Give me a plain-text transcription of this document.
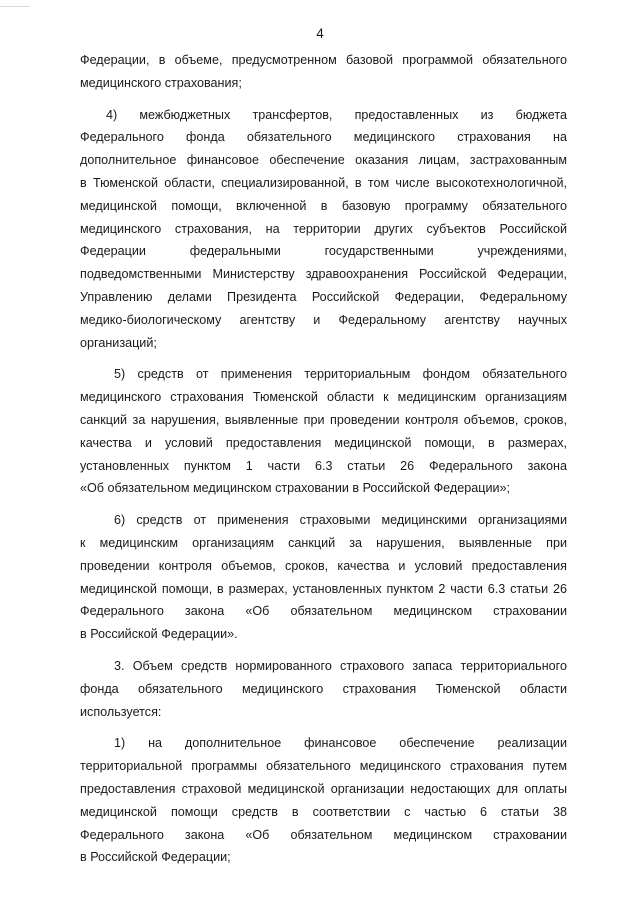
4

Федерации, в объеме, предусмотренном базовой программой обязательного
медицинского страхования;
4) межбюджетных трансфертов, предоставленных из бюджета
Федерального фонда обязательного медицинского страхования на
дополнительное финансовое обеспечение оказания лицам, застрахованным
в Тюменской области, специализированной, в том числе высокотехнологичной,
медицинской помощи, включенной в базовую программу обязательного
медицинского страхования, на территории других субъектов Российской
Федерации федеральными государственными учреждениями,
подведомственными Министерству здравоохранения Российской Федерации,
Управлению делами Президента Российской Федерации, Федеральному
медико-биологическому агентству и Федеральному агентству научных
организаций;
5) средств от применения территориальным фондом обязательного
медицинского страхования Тюменской области к медицинским организациям
санкций за нарушения, выявленные при проведении контроля объемов, сроков,
качества и условий предоставления медицинской помощи, в размерах,
установленных пунктом 1 части 6.3 статьи 26 Федерального закона
«Об обязательном медицинском страховании в Российской Федерации»;
6) средств от применения страховыми медицинскими организациями
к медицинским организациям санкций за нарушения, выявленные при
проведении контроля объемов, сроков, качества и условий предоставления
медицинской помощи, в размерах, установленных пунктом 2 части 6.3 статьи 26
Федерального закона «Об обязательном медицинском страховании
в Российской Федерации».
3. Объем средств нормированного страхового запаса территориального
фонда обязательного медицинского страхования Тюменской области
используется:
1) на дополнительное финансовое обеспечение реализации
территориальной программы обязательного медицинского страхования путем
предоставления страховой медицинской организации недостающих для оплаты
медицинской помощи средств в соответствии с частью 6 статьи 38
Федерального закона «Об обязательном медицинском страховании
в Российской Федерации;
